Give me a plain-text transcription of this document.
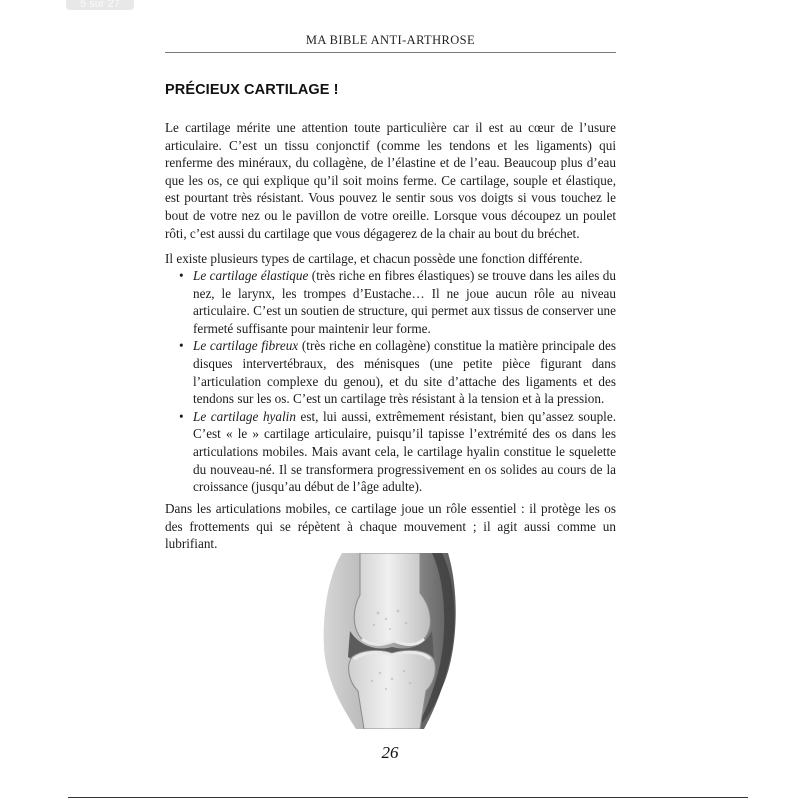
5 sur 27
MA BIBLE ANTI-ARTHROSE
PRÉCIEUX CARTILAGE !

Le cartilage mérite une attention toute particulière car il est au cœur de l’usure articulaire. C’est un tissu conjonctif (comme les tendons et les ligaments) qui renferme des minéraux, du collagène, de l’élastine et de l’eau. Beaucoup plus d’eau que les os, ce qui explique qu’il soit moins ferme. Ce cartilage, souple et élastique, est pourtant très résistant. Vous pouvez le sentir sous vos doigts si vous touchez le bout de votre nez ou le pavillon de votre oreille. Lorsque vous découpez un poulet rôti, c’est aussi du cartilage que vous dégagerez de la chair au bout du bréchet.

Il existe plusieurs types de cartilage, et chacun possède une fonction différente.

• Le cartilage élastique (très riche en fibres élastiques) se trouve dans les ailes du nez, le larynx, les trompes d’Eustache… Il ne joue aucun rôle au niveau articulaire. C’est un soutien de structure, qui permet aux tissus de conserver une fermeté suffisante pour maintenir leur forme.
• Le cartilage fibreux (très riche en collagène) constitue la matière principale des disques intervertébraux, des ménisques (une petite pièce figurant dans l’articulation complexe du genou), et du site d’attache des ligaments et des tendons sur les os. C’est un cartilage très résistant à la tension et à la pression.
• Le cartilage hyalin est, lui aussi, extrêmement résistant, bien qu’assez souple. C’est « le » cartilage articulaire, puisqu’il tapisse l’extrémité des os dans les articulations mobiles. Mais avant cela, le cartilage hyalin constitue le squelette du nouveau-né. Il se transformera progressivement en os solides au cours de la croissance (jusqu’au début de l’âge adulte).

Dans les articulations mobiles, ce cartilage joue un rôle essentiel : il protège les os des frottements qui se répètent à chaque mouvement ; il agit aussi comme un lubrifiant.

26
